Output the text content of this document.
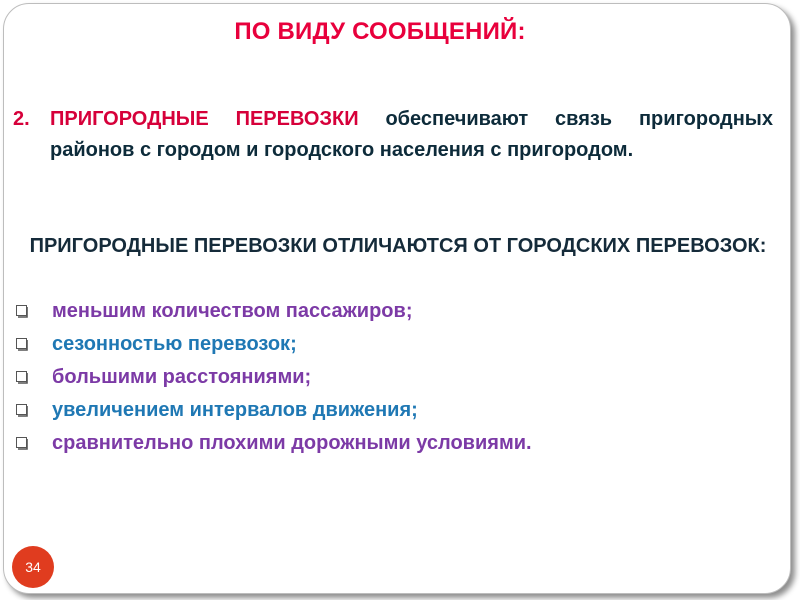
ПО ВИДУ СООБЩЕНИЙ:
2. ПРИГОРОДНЫЕ ПЕРЕВОЗКИ обеспечивают связь пригородных районов с городом и городского населения с пригородом.
ПРИГОРОДНЫЕ ПЕРЕВОЗКИ ОТЛИЧАЮТСЯ ОТ ГОРОДСКИХ ПЕРЕВОЗОК:
меньшим количеством пассажиров;
сезонностью перевозок;
большими расстояниями;
увеличением интервалов движения;
сравнительно плохими дорожными условиями.
34
